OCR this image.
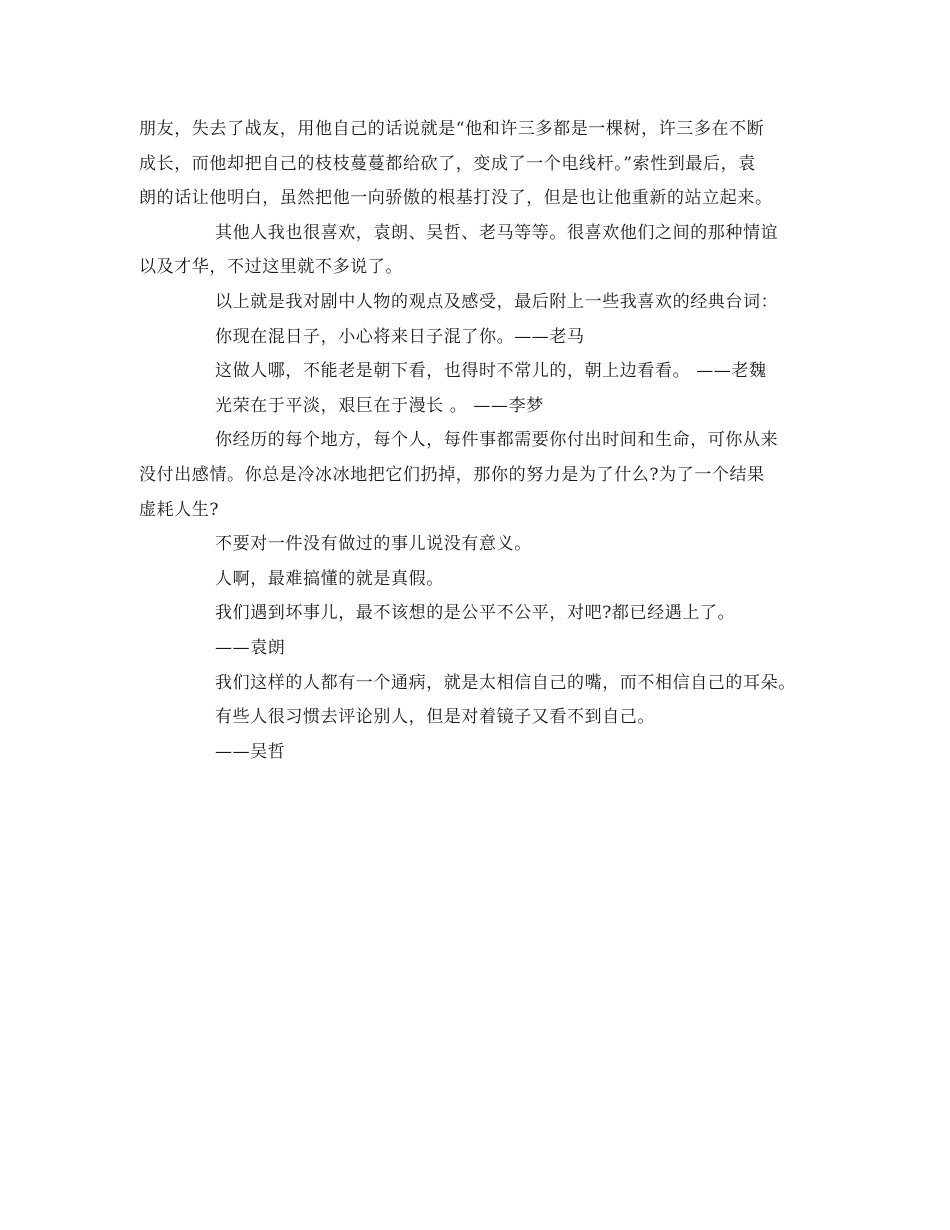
朋友，失去了战友，用他自己的话说就是“他和许三多都是一棵树，许三多在不断
成长，而他却把自己的枝枝蔓蔓都给砍了，变成了一个电线杆。”索性到最后，袁
朗的话让他明白，虽然把他一向骄傲的根基打没了，但是也让他重新的站立起来。

其他人我也很喜欢，袁朗、吴哲、老马等等。很喜欢他们之间的那种情谊
以及才华，不过这里就不多说了。

以上就是我对剧中人物的观点及感受，最后附上一些我喜欢的经典台词：

你现在混日子，小心将来日子混了你。——老马

这做人哪，不能老是朝下看，也得时不常儿的，朝上边看看。 ——老魏

光荣在于平淡，艰巨在于漫长 。 ——李梦

你经历的每个地方，每个人，每件事都需要你付出时间和生命，可你从来
没付出感情。你总是冷冰冰地把它们扔掉，那你的努力是为了什么?为了一个结果
虚耗人生?

不要对一件没有做过的事儿说没有意义。

人啊，最难搞懂的就是真假。

我们遇到坏事儿，最不该想的是公平不公平，对吧?都已经遇上了。

——袁朗

我们这样的人都有一个通病，就是太相信自己的嘴，而不相信自己的耳朵。

有些人很习惯去评论别人，但是对着镜子又看不到自己。

——吴哲
